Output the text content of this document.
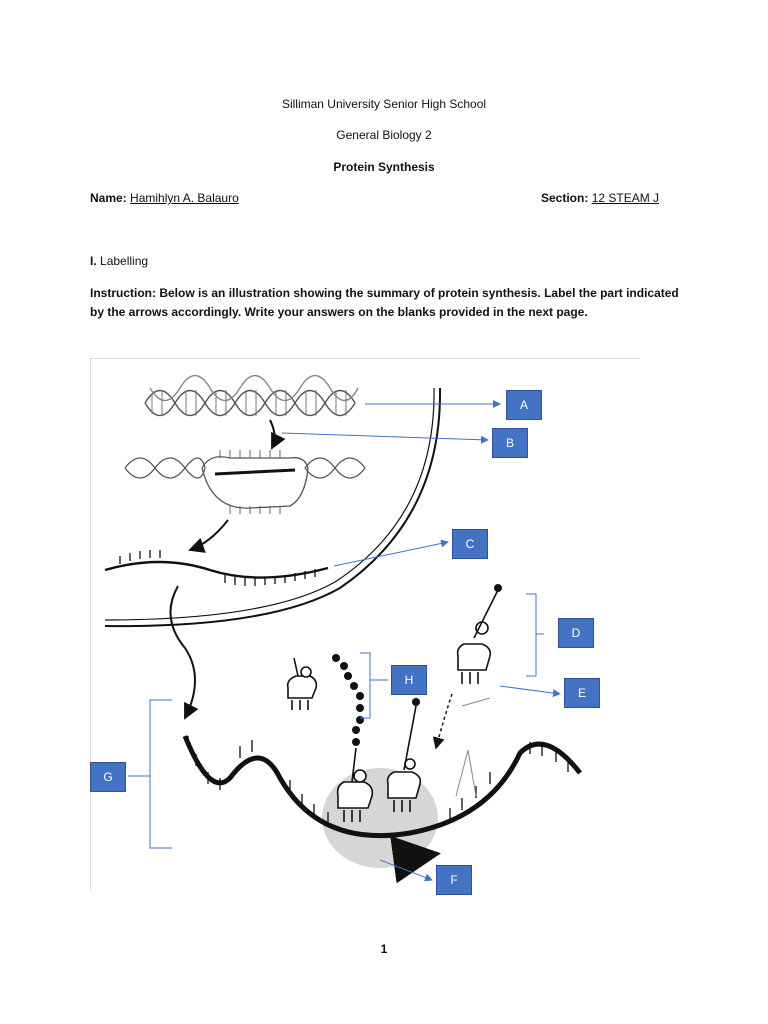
Silliman University Senior High School
General Biology 2
Protein Synthesis
Name: Hamihlyn A. Balauro	Section: 12 STEAM J
I. Labelling
Instruction: Below is an illustration showing the summary of protein synthesis. Label the part indicated by the arrows accordingly. Write your answers on the blanks provided in the next page.
A
B
C
D
E
F
G
H
1
